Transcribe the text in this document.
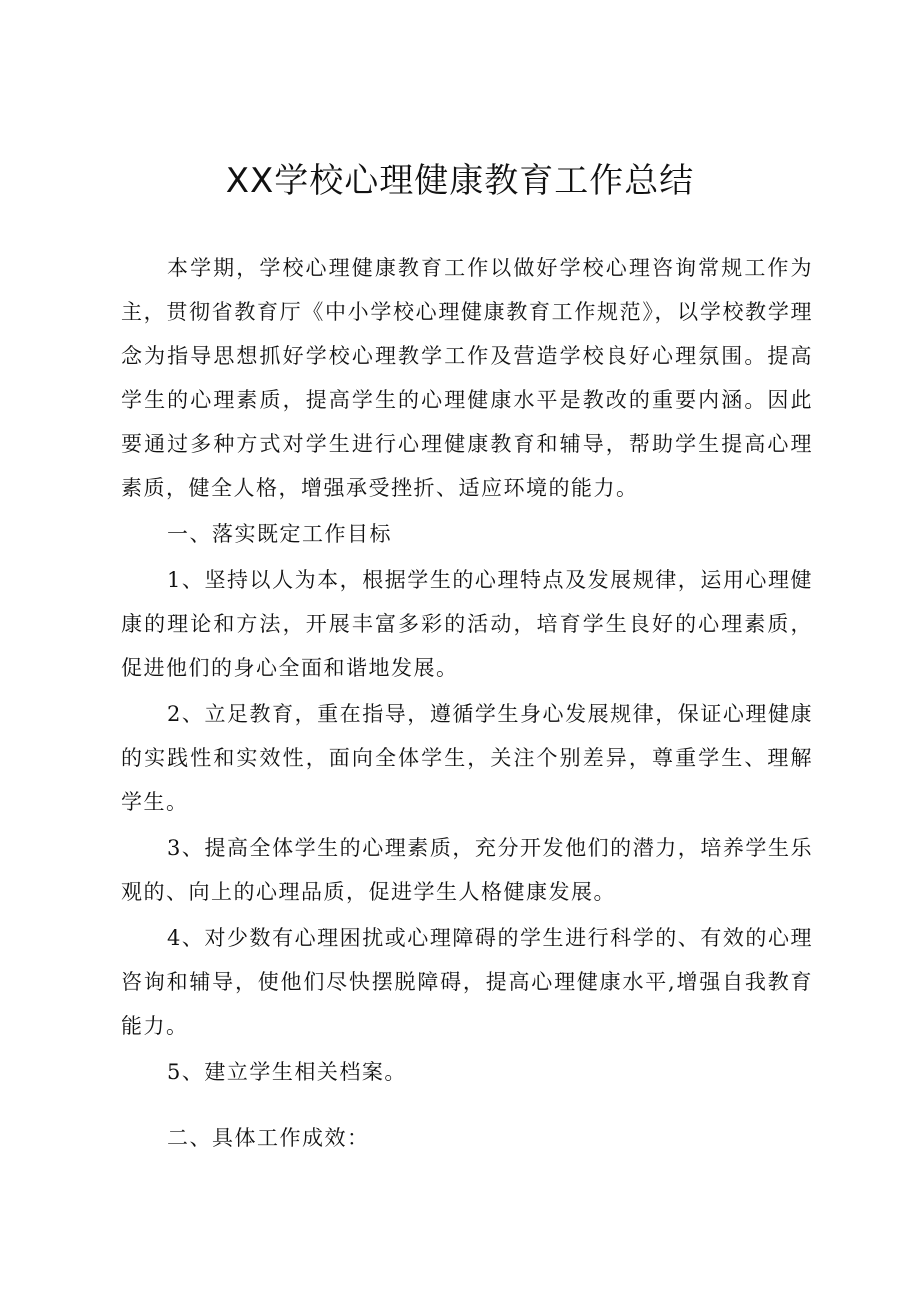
XX学校心理健康教育工作总结

本学期，学校心理健康教育工作以做好学校心理咨询常规工作为主，贯彻省教育厅《中小学校心理健康教育工作规范》，以学校教学理念为指导思想抓好学校心理教学工作及营造学校良好心理氛围。提高学生的心理素质，提高学生的心理健康水平是教改的重要内涵。因此要通过多种方式对学生进行心理健康教育和辅导，帮助学生提高心理素质，健全人格，增强承受挫折、适应环境的能力。

一、落实既定工作目标

1、坚持以人为本，根据学生的心理特点及发展规律，运用心理健康的理论和方法，开展丰富多彩的活动，培育学生良好的心理素质，促进他们的身心全面和谐地发展。

2、立足教育，重在指导，遵循学生身心发展规律，保证心理健康的实践性和实效性，面向全体学生，关注个别差异，尊重学生、理解学生。

3、提高全体学生的心理素质，充分开发他们的潜力，培养学生乐观的、向上的心理品质，促进学生人格健康发展。

4、对少数有心理困扰或心理障碍的学生进行科学的、有效的心理咨询和辅导，使他们尽快摆脱障碍，提高心理健康水平,增强自我教育能力。

5、建立学生相关档案。

二、具体工作成效：
